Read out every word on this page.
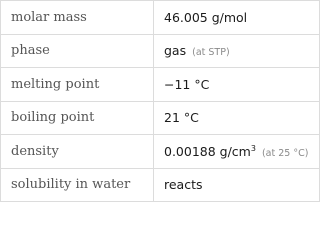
molar mass	46.005 g/mol
phase	gas (at STP)
melting point	−11 °C
boiling point	21 °C
density	0.00188 $g/cm^3$ (at 25 °C)
solubility in water	reacts
